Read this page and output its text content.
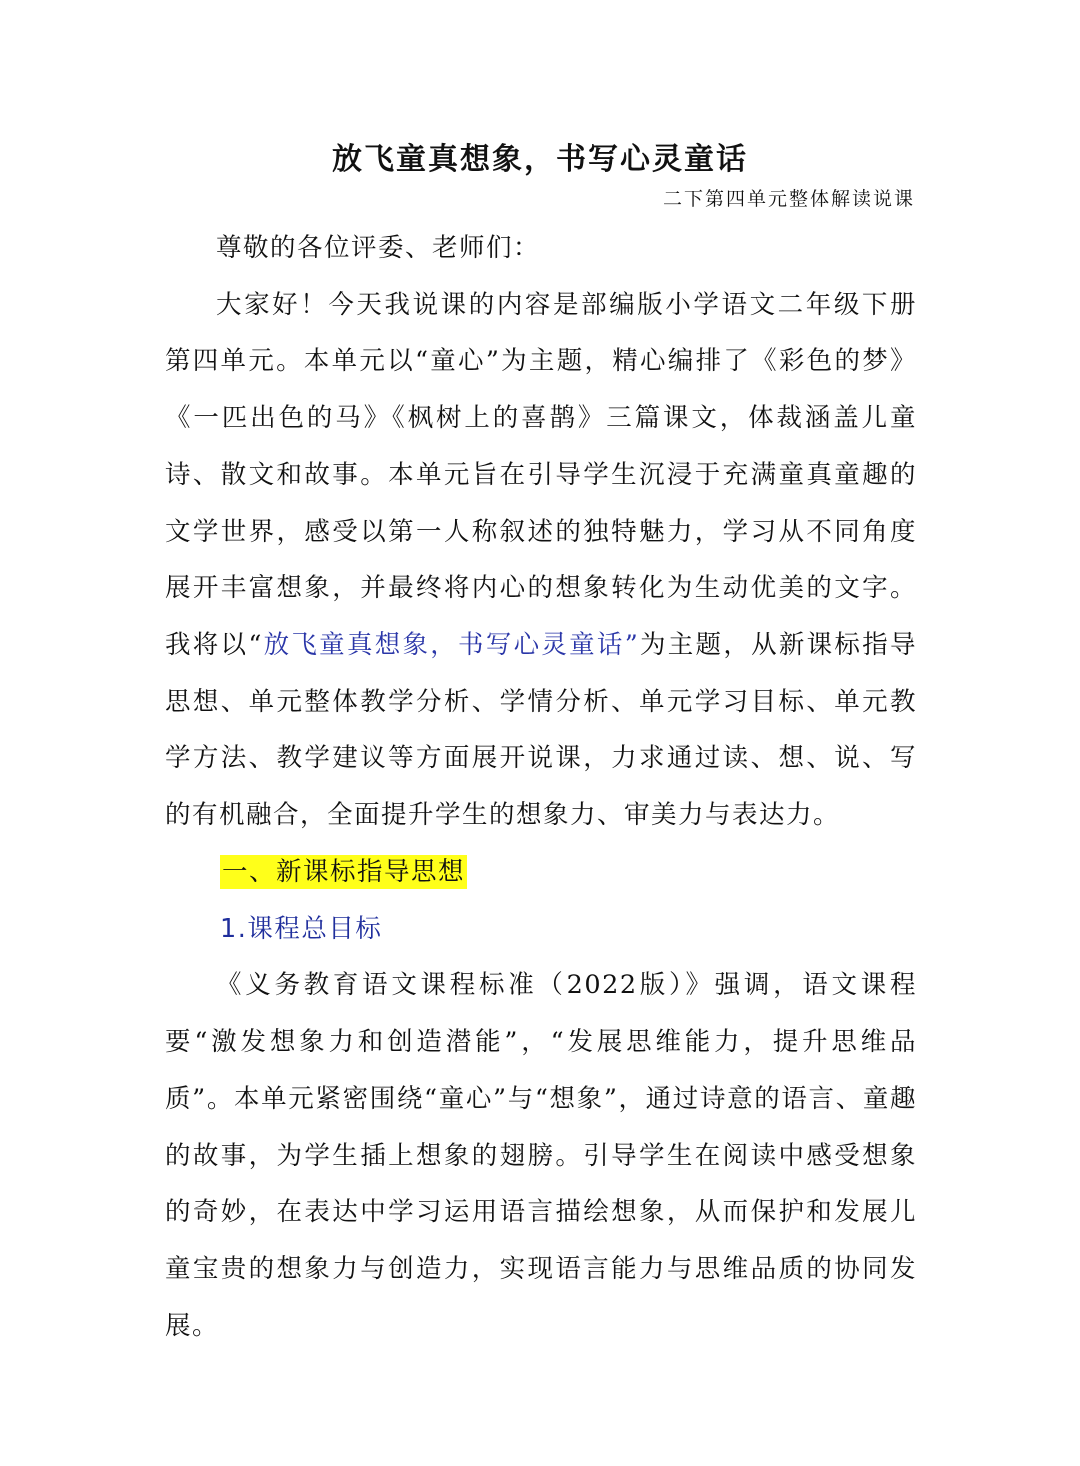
放飞童真想象，书写心灵童话
二下第四单元整体解读说课

尊敬的各位评委、老师们：

大家好！今天我说课的内容是部编版小学语文二年级下册第四单元。本单元以“童心”为主题，精心编排了《彩色的梦》《一匹出色的马》《枫树上的喜鹊》三篇课文，体裁涵盖儿童诗、散文和故事。本单元旨在引导学生沉浸于充满童真童趣的文学世界，感受以第一人称叙述的独特魅力，学习从不同角度展开丰富想象，并最终将内心的想象转化为生动优美的文字。我将以“放飞童真想象，书写心灵童话”为主题，从新课标指导思想、单元整体教学分析、学情分析、单元学习目标、单元教学方法、教学建议等方面展开说课，力求通过读、想、说、写的有机融合，全面提升学生的想象力、审美力与表达力。

一、新课标指导思想

1.课程总目标

《义务教育语文课程标准（2022版）》强调，语文课程要“激发想象力和创造潜能”，“发展思维能力，提升思维品质”。本单元紧密围绕“童心”与“想象”，通过诗意的语言、童趣的故事，为学生插上想象的翅膀。引导学生在阅读中感受想象的奇妙，在表达中学习运用语言描绘想象，从而保护和发展儿童宝贵的想象力与创造力，实现语言能力与思维品质的协同发展。
